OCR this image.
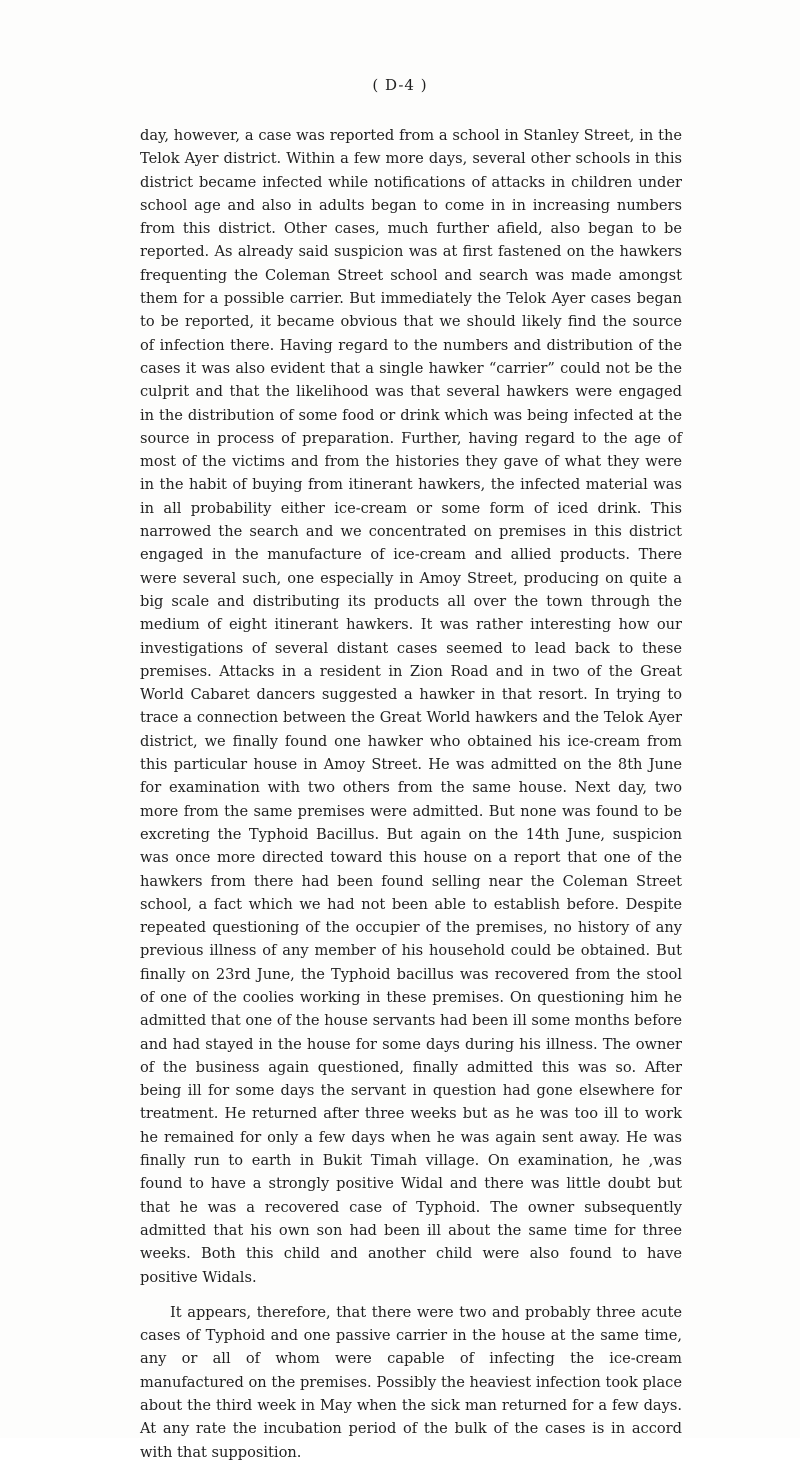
( D-4 )

day, however, a case was reported from a school in Stanley Street, in the Telok Ayer district. Within a few more days, several other schools in this district became infected while notifications of attacks in children under school age and also in adults began to come in in increasing numbers from this district. Other cases, much further afield, also began to be reported. As already said suspicion was at first fastened on the hawkers frequenting the Coleman Street school and search was made amongst them for a possible carrier. But immediately the Telok Ayer cases began to be reported, it became obvious that we should likely find the source of infection there. Having regard to the numbers and distribution of the cases it was also evident that a single hawker “carrier” could not be the culprit and that the likelihood was that several hawkers were engaged in the distribution of some food or drink which was being infected at the source in process of preparation. Further, having regard to the age of most of the victims and from the histories they gave of what they were in the habit of buying from itinerant hawkers, the infected material was in all probability either ice-cream or some form of iced drink. This narrowed the search and we concentrated on premises in this district engaged in the manufacture of ice-cream and allied products. There were several such, one especially in Amoy Street, producing on quite a big scale and distributing its products all over the town through the medium of eight itinerant hawkers. It was rather interesting how our investigations of several distant cases seemed to lead back to these premises. Attacks in a resident in Zion Road and in two of the Great World Cabaret dancers suggested a hawker in that resort. In trying to trace a connection between the Great World hawkers and the Telok Ayer district, we finally found one hawker who obtained his ice-cream from this particular house in Amoy Street. He was admitted on the 8th June for examination with two others from the same house. Next day, two more from the same premises were admitted. But none was found to be excreting the Typhoid Bacillus. But again on the 14th June, suspicion was once more directed toward this house on a report that one of the hawkers from there had been found selling near the Coleman Street school, a fact which we had not been able to establish before. Despite repeated questioning of the occupier of the premises, no history of any previous illness of any member of his household could be obtained. But finally on 23rd June, the Typhoid bacillus was recovered from the stool of one of the coolies working in these premises. On questioning him he admitted that one of the house servants had been ill some months before and had stayed in the house for some days during his illness. The owner of the business again questioned, finally admitted this was so. After being ill for some days the servant in question had gone elsewhere for treatment. He returned after three weeks but as he was too ill to work he remained for only a few days when he was again sent away. He was finally run to earth in Bukit Timah village. On examination, he ,was found to have a strongly positive Widal and there was little doubt but that he was a recovered case of Typhoid. The owner subsequently admitted that his own son had been ill about the same time for three weeks. Both this child and another child were also found to have positive Widals.

It appears, therefore, that there were two and probably three acute cases of Typhoid and one passive carrier in the house at the same time, any or all of whom were capable of infecting the ice-cream manufactured on the premises. Possibly the heaviest infection took place about the third week in May when the sick man returned for a few days. At any rate the incubation period of the bulk of the cases is in accord with that supposition.
